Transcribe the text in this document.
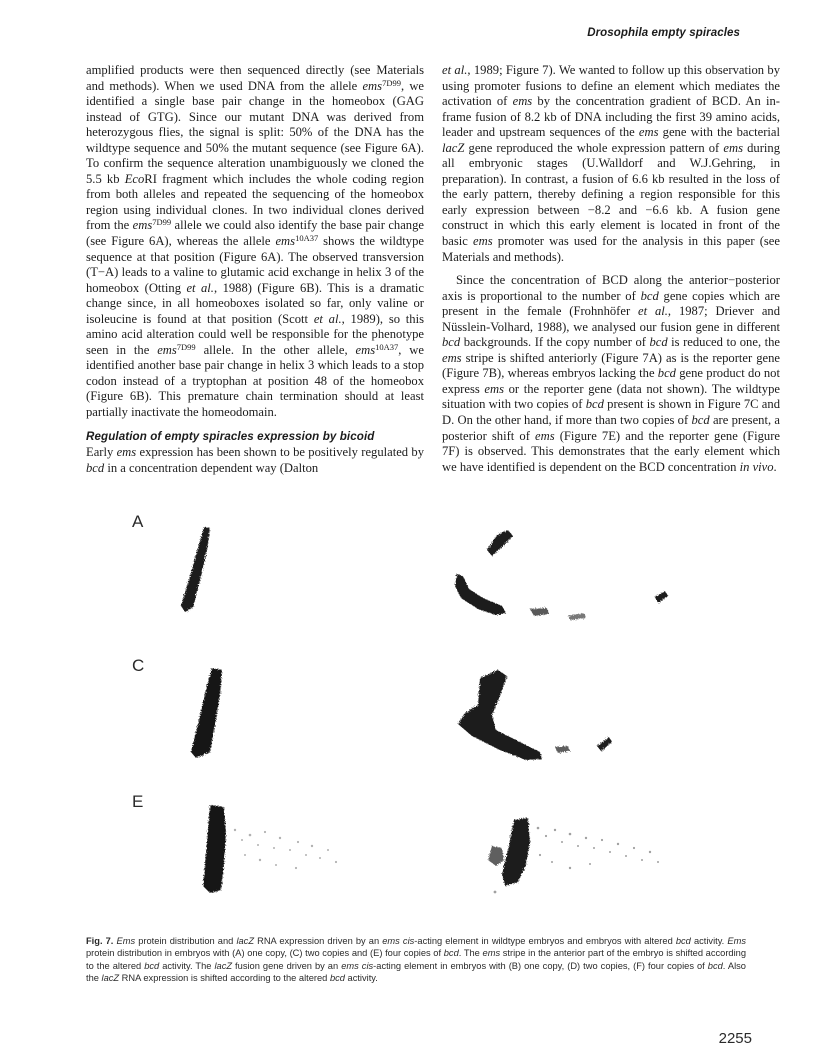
Drosophila empty spiracles

amplified products were then sequenced directly (see Materials and methods). When we used DNA from the allele ems$^{7D99}$, we identified a single base pair change in the homeobox (GAG instead of GTG). Since our mutant DNA was derived from heterozygous flies, the signal is split: 50% of the DNA has the wildtype sequence and 50% the mutant sequence (see Figure 6A). To confirm the sequence alteration unambiguously we cloned the 5.5 kb EcoRI fragment which includes the whole coding region from both alleles and repeated the sequencing of the homeobox region using individual clones. In two individual clones derived from the ems$^{7D99}$ allele we could also identify the base pair change (see Figure 6A), whereas the allele ems$^{10A37}$ shows the wildtype sequence at that position (Figure 6A). The observed transversion (T−A) leads to a valine to glutamic acid exchange in helix 3 of the homeobox (Otting et al., 1988) (Figure 6B). This is a dramatic change since, in all homeoboxes isolated so far, only valine or isoleucine is found at that position (Scott et al., 1989), so this amino acid alteration could well be responsible for the phenotype seen in the ems$^{7D99}$ allele. In the other allele, ems$^{10A37}$, we identified another base pair change in helix 3 which leads to a stop codon instead of a tryptophan at position 48 of the homeobox (Figure 6B). This premature chain termination should at least partially inactivate the homeodomain.

Regulation of empty spiracles expression by bicoid

Early ems expression has been shown to be positively regulated by bcd in a concentration dependent way (Dalton

et al., 1989; Figure 7). We wanted to follow up this observation by using promoter fusions to define an element which mediates the activation of ems by the concentration gradient of BCD. An in-frame fusion of 8.2 kb of DNA including the first 39 amino acids, leader and upstream sequences of the ems gene with the bacterial lacZ gene reproduced the whole expression pattern of ems during all embryonic stages (U.Walldorf and W.J.Gehring, in preparation). In contrast, a fusion of 6.6 kb resulted in the loss of the early pattern, thereby defining a region responsible for this early expression between −8.2 and −6.6 kb. A fusion gene construct in which this early element is located in front of the basic ems promoter was used for the analysis in this paper (see Materials and methods).

Since the concentration of BCD along the anterior−posterior axis is proportional to the number of bcd gene copies which are present in the female (Frohnhöfer et al., 1987; Driever and Nüsslein-Volhard, 1988), we analysed our fusion gene in different bcd backgrounds. If the copy number of bcd is reduced to one, the ems stripe is shifted anteriorly (Figure 7A) as is the reporter gene (Figure 7B), whereas embryos lacking the bcd gene product do not express ems or the reporter gene (data not shown). The wildtype situation with two copies of bcd present is shown in Figure 7C and D. On the other hand, if more than two copies of bcd are present, a posterior shift of ems (Figure 7E) and the reporter gene (Figure 7F) is observed. This demonstrates that the early element which we have identified is dependent on the BCD concentration in vivo.

A
C
E
Fig. 7. Ems protein distribution and lacZ RNA expression driven by an ems cis-acting element in wildtype embryos and embryos with altered bcd activity. Ems protein distribution in embryos with (A) one copy, (C) two copies and (E) four copies of bcd. The ems stripe in the anterior part of the embryo is shifted according to the altered bcd activity. The lacZ fusion gene driven by an ems cis-acting element in embryos with (B) one copy, (D) two copies, (F) four copies of bcd. Also the lacZ RNA expression is shifted according to the altered bcd activity.
2255
